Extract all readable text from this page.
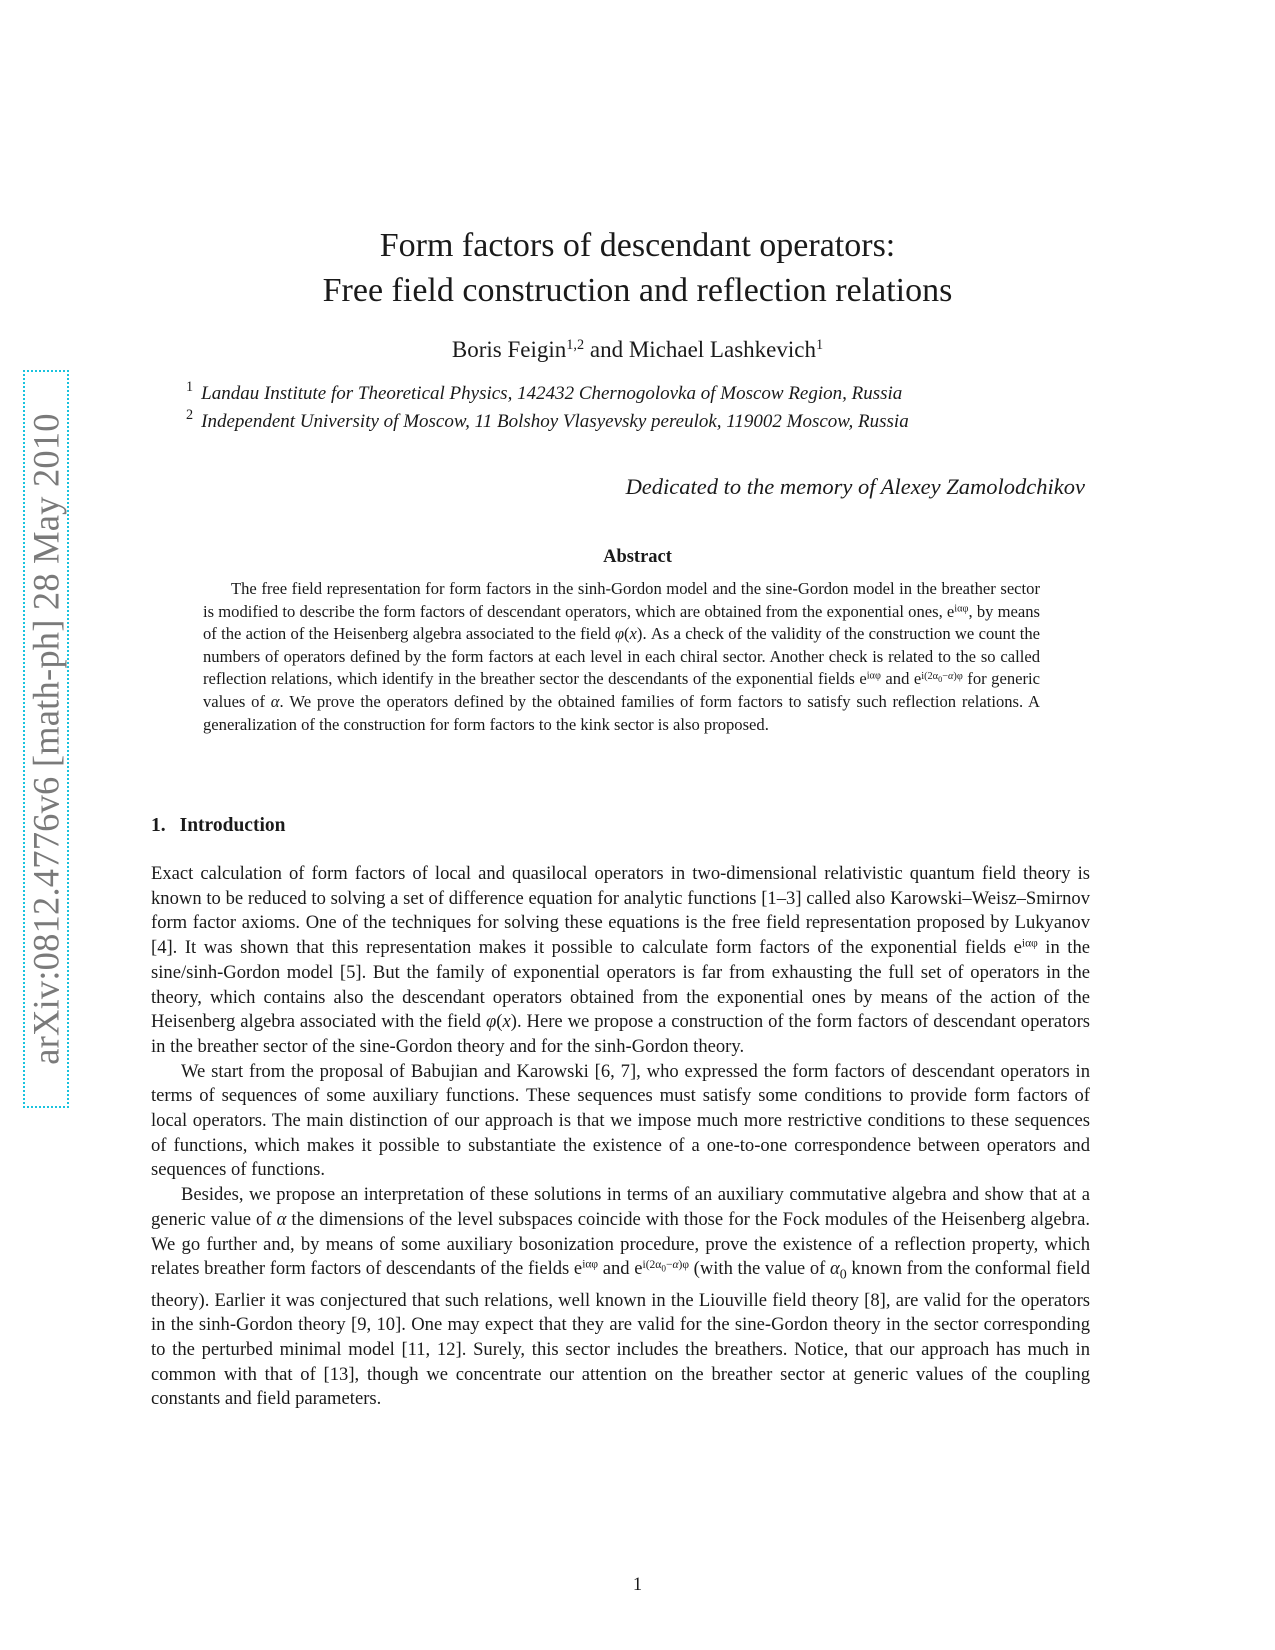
arXiv:0812.4776v6 [math-ph] 28 May 2010
Form factors of descendant operators:
Free field construction and reflection relations
Boris Feigin$^{1,2}$ and Michael Lashkevich$^1$
$^1$ Landau Institute for Theoretical Physics, 142432 Chernogolovka of Moscow Region, Russia
$^2$ Independent University of Moscow, 11 Bolshoy Vlasyevsky pereulok, 119002 Moscow, Russia
Dedicated to the memory of Alexey Zamolodchikov
Abstract

The free field representation for form factors in the sinh-Gordon model and the sine-Gordon model in the breather sector is modified to describe the form factors of descendant operators, which are obtained from the exponential ones, $e^{i\alpha\varphi}$, by means of the action of the Heisenberg algebra associated to the field φ(x). As a check of the validity of the construction we count the numbers of operators defined by the form factors at each level in each chiral sector. Another check is related to the so called reflection relations, which identify in the breather sector the descendants of the exponential fields $e^{i\alpha\varphi}$ and $e^{i(2\alpha_0-\alpha)\varphi}$ for generic values of α. We prove the operators defined by the obtained families of form factors to satisfy such reflection relations. A generalization of the construction for form factors to the kink sector is also proposed.

1. Introduction

Exact calculation of form factors of local and quasilocal operators in two-dimensional relativistic quantum field theory is known to be reduced to solving a set of difference equation for analytic functions [1–3] called also Karowski–Weisz–Smirnov form factor axioms. One of the techniques for solving these equations is the free field representation proposed by Lukyanov [4]. It was shown that this representation makes it possible to calculate form factors of the exponential fields $e^{i\alpha\varphi}$ in the sine/sinh-Gordon model [5]. But the family of exponential operators is far from exhausting the full set of operators in the theory, which contains also the descendant operators obtained from the exponential ones by means of the action of the Heisenberg algebra associated with the field φ(x). Here we propose a construction of the form factors of descendant operators in the breather sector of the sine-Gordon theory and for the sinh-Gordon theory.

We start from the proposal of Babujian and Karowski [6, 7], who expressed the form factors of descendant operators in terms of sequences of some auxiliary functions. These sequences must satisfy some conditions to provide form factors of local operators. The main distinction of our approach is that we impose much more restrictive conditions to these sequences of functions, which makes it possible to substantiate the existence of a one-to-one correspondence between operators and sequences of functions.

Besides, we propose an interpretation of these solutions in terms of an auxiliary commutative algebra and show that at a generic value of α the dimensions of the level subspaces coincide with those for the Fock modules of the Heisenberg algebra. We go further and, by means of some auxiliary bosonization procedure, prove the existence of a reflection property, which relates breather form factors of descendants of the fields $e^{i\alpha\varphi}$ and $e^{i(2\alpha_0-\alpha)\varphi}$ (with the value of $\alpha_0$ known from the conformal field theory). Earlier it was conjectured that such relations, well known in the Liouville field theory [8], are valid for the operators in the sinh-Gordon theory [9, 10]. One may expect that they are valid for the sine-Gordon theory in the sector corresponding to the perturbed minimal model [11, 12]. Surely, this sector includes the breathers. Notice, that our approach has much in common with that of [13], though we concentrate our attention on the breather sector at generic values of the coupling constants and field parameters.

1
